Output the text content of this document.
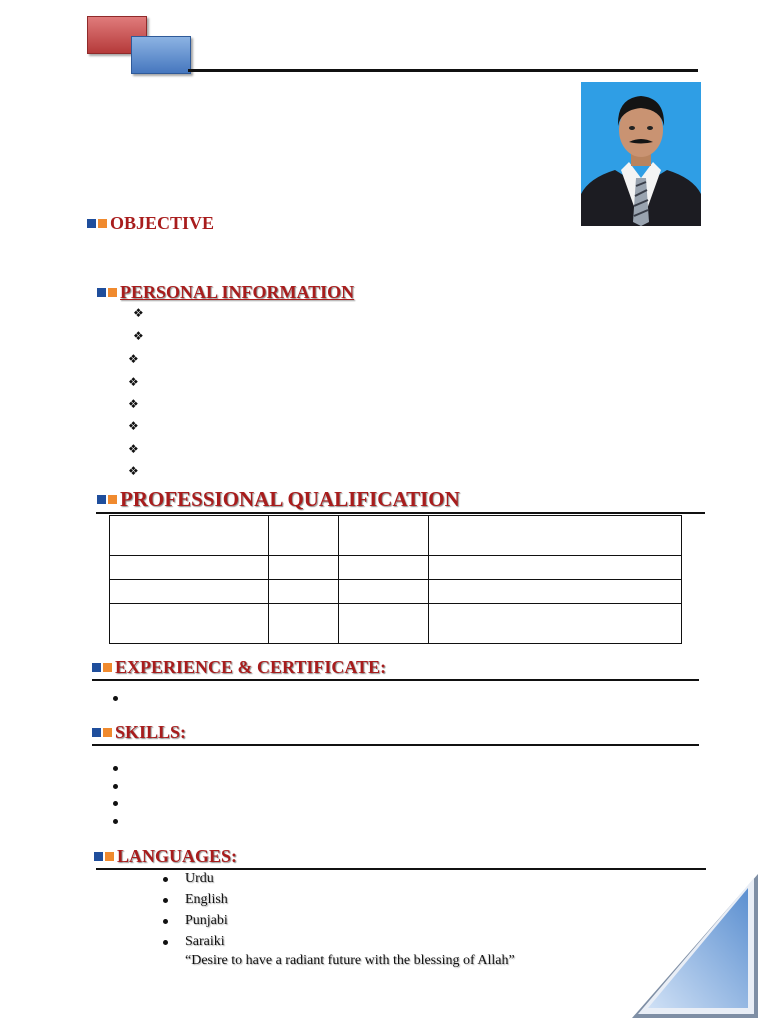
OBJECTIVE
PERSONAL INFORMATION
❖
❖
❖
❖
❖
❖
❖
❖
PROFESSIONAL QUALIFICATION

EXPERIENCE & CERTIFICATE:
SKILLS:
LANGUAGES:
Urdu
English
Punjabi
Saraiki
“Desire to have a radiant future with the blessing of Allah”
